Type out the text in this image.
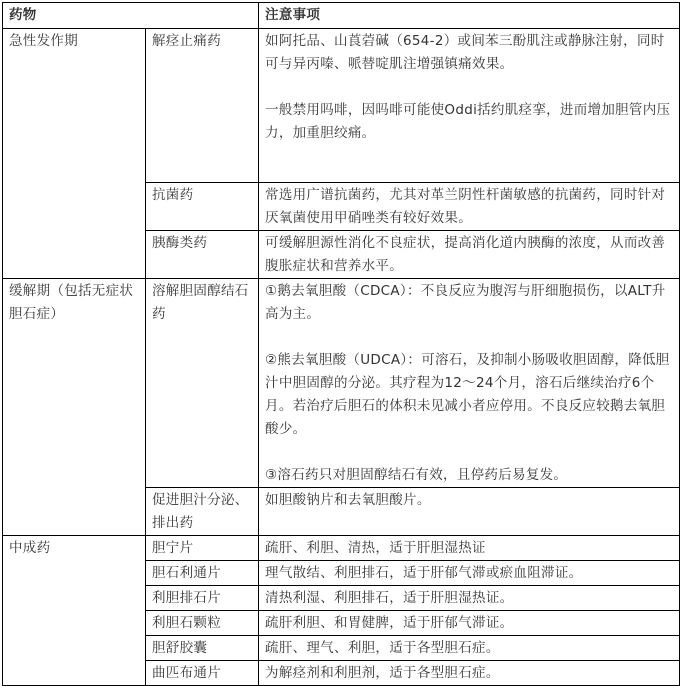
药物		注意事项
急性发作期	解痉止痛药	如阿托品、山莨菪碱（654-2）或间苯三酚肌注或静脉注射，同时可与异丙嗪、哌替啶肌注增强镇痛效果。
一般禁用吗啡，因吗啡可能使Oddi括约肌痉挛，进而增加胆管内压力，加重胆绞痛。

	抗菌药	常选用广谱抗菌药，尤其对革兰阴性杆菌敏感的抗菌药，同时针对厌氧菌使用甲硝唑类有较好效果。

	胰酶类药	可缓解胆源性消化不良症状，提高消化道内胰酶的浓度，从而改善腹胀症状和营养水平。

缓解期（包括无症状胆石症）	溶解胆固醇结石药	①鹅去氧胆酸（CDCA）：不良反应为腹泻与肝细胞损伤，以ALT升高为主。
②熊去氧胆酸（UDCA）：可溶石，及抑制小肠吸收胆固醇，降低胆汁中胆固醇的分泌。其疗程为12～24个月，溶石后继续治疗6个月。若治疗后胆石的体积未见减小者应停用。不良反应较鹅去氧胆酸少。
③溶石药只对胆固醇结石有效，且停药后易复发。

	促进胆汁分泌、排出药	如胆酸钠片和去氧胆酸片。

中成药	胆宁片	疏肝、利胆、清热，适于肝胆湿热证
	胆石利通片	理气散结、利胆排石，适于肝郁气滞或瘀血阻滞证。
	利胆排石片	清热利湿、利胆排石，适于肝胆湿热证。
	利胆石颗粒	疏肝利胆、和胃健脾，适于肝郁气滞证。
	胆舒胶囊	疏肝、理气、利胆，适于各型胆石症。
	曲匹布通片	为解痉剂和利胆剂，适于各型胆石症。
